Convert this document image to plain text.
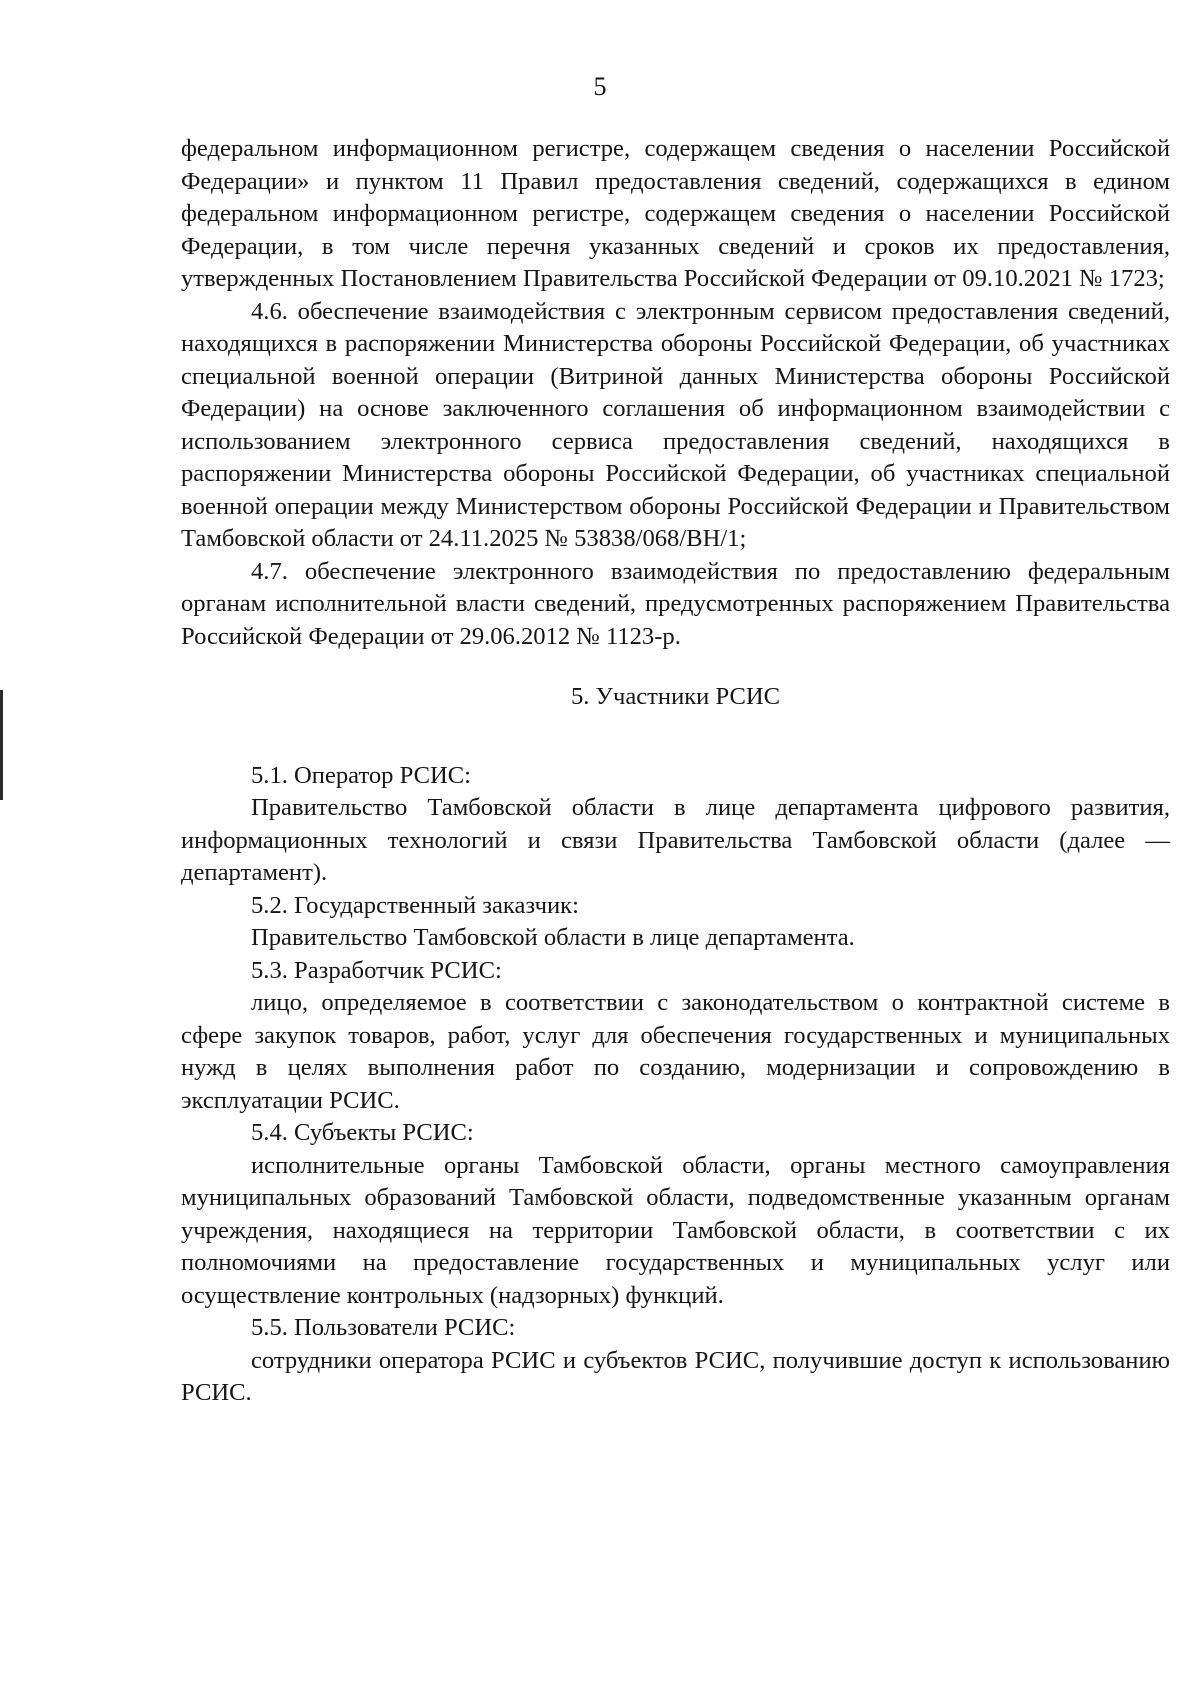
5

федеральном информационном регистре, содержащем сведения о населении Российской Федерации» и пунктом 11 Правил предоставления сведений, содержащихся в едином федеральном информационном регистре, содержащем сведения о населении Российской Федерации, в том числе перечня указанных сведений и сроков их предоставления, утвержденных Постановлением Правительства Российской Федерации от 09.10.2021 № 1723;

4.6. обеспечение взаимодействия с электронным сервисом предоставления сведений, находящихся в распоряжении Министерства обороны Российской Федерации, об участниках специальной военной операции (Витриной данных Министерства обороны Российской Федерации) на основе заключенного соглашения об информационном взаимодействии с использованием электронного сервиса предоставления сведений, находящихся в распоряжении Министерства обороны Российской Федерации, об участниках специальной военной операции между Министерством обороны Российской Федерации и Правительством Тамбовской области от 24.11.2025 № 53838/068/ВН/1;

4.7. обеспечение электронного взаимодействия по предоставлению федеральным органам исполнительной власти сведений, предусмотренных распоряжением Правительства Российской Федерации от 29.06.2012 № 1123-р.

5. Участники РСИС

5.1. Оператор РСИС:

Правительство Тамбовской области в лице департамента цифрового развития, информационных технологий и связи Правительства Тамбовской области (далее — департамент).

5.2. Государственный заказчик:

Правительство Тамбовской области в лице департамента.

5.3. Разработчик РСИС:

лицо, определяемое в соответствии с законодательством о контрактной системе в сфере закупок товаров, работ, услуг для обеспечения государственных и муниципальных нужд в целях выполнения работ по созданию, модернизации и сопровождению в эксплуатации РСИС.

5.4. Субъекты РСИС:

исполнительные органы Тамбовской области, органы местного самоуправления муниципальных образований Тамбовской области, подведомственные указанным органам учреждения, находящиеся на территории Тамбовской области, в соответствии с их полномочиями на предоставление государственных и муниципальных услуг или осуществление контрольных (надзорных) функций.

5.5. Пользователи РСИС:

сотрудники оператора РСИС и субъектов РСИС, получившие доступ к использованию РСИС.
